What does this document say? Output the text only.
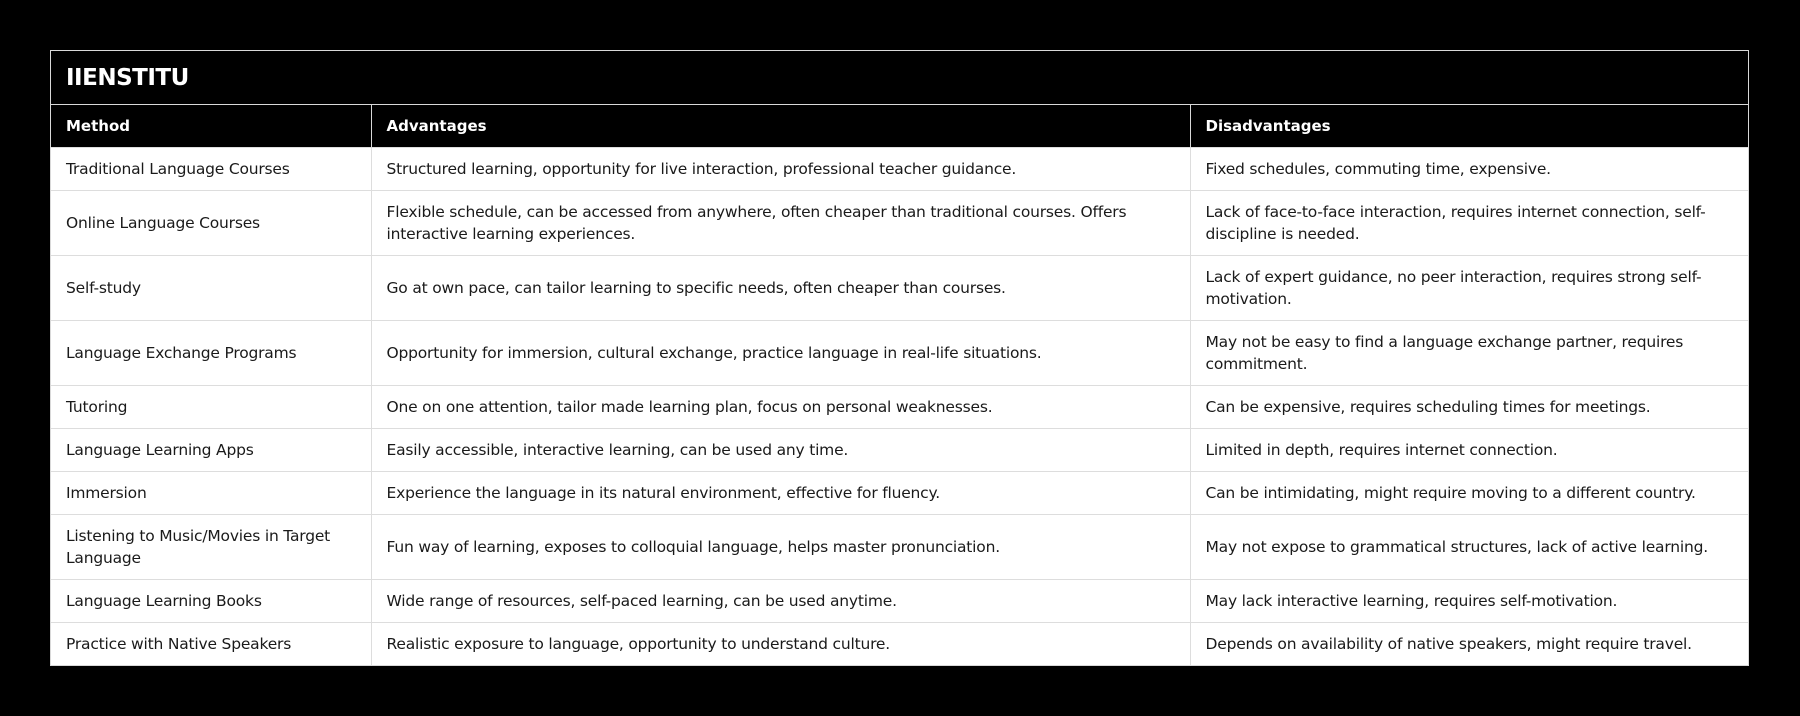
IIENSTITU
Method	Advantages	Disadvantages
Traditional Language Courses	Structured learning, opportunity for live interaction, professional teacher guidance.	Fixed schedules, commuting time, expensive.
Online Language Courses	Flexible schedule, can be accessed from anywhere, often cheaper than traditional courses. Offers interactive learning experiences.	Lack of face-to-face interaction, requires internet connection, self-discipline is needed.
Self-study	Go at own pace, can tailor learning to specific needs, often cheaper than courses.	Lack of expert guidance, no peer interaction, requires strong self-motivation.
Language Exchange Programs	Opportunity for immersion, cultural exchange, practice language in real-life situations.	May not be easy to find a language exchange partner, requires commitment.
Tutoring	One on one attention, tailor made learning plan, focus on personal weaknesses.	Can be expensive, requires scheduling times for meetings.
Language Learning Apps	Easily accessible, interactive learning, can be used any time.	Limited in depth, requires internet connection.
Immersion	Experience the language in its natural environment, effective for fluency.	Can be intimidating, might require moving to a different country.
Listening to Music/Movies in Target Language	Fun way of learning, exposes to colloquial language, helps master pronunciation.	May not expose to grammatical structures, lack of active learning.
Language Learning Books	Wide range of resources, self-paced learning, can be used anytime.	May lack interactive learning, requires self-motivation.
Practice with Native Speakers	Realistic exposure to language, opportunity to understand culture.	Depends on availability of native speakers, might require travel.
